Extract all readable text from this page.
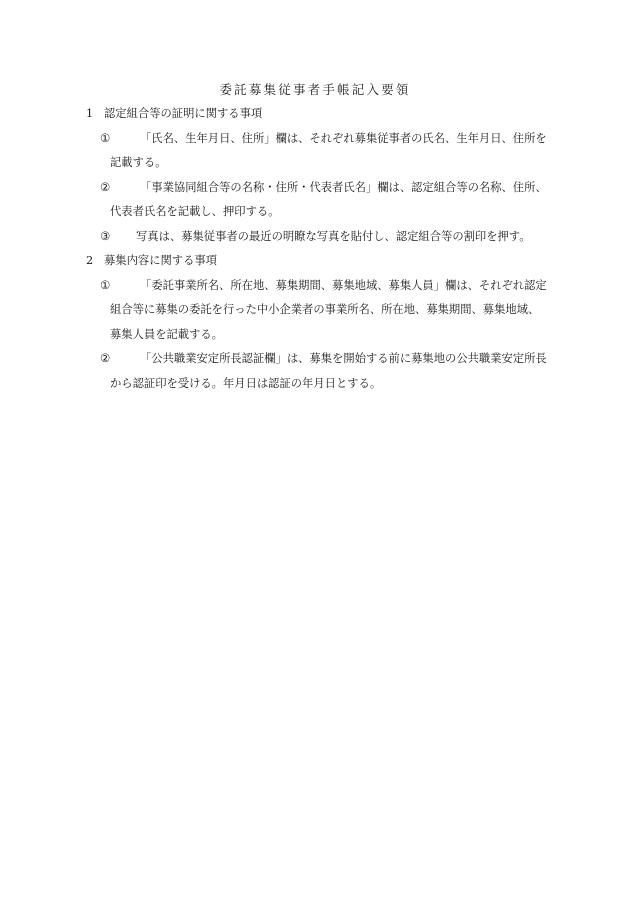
委託募集従事者手帳記入要領
1 認定組合等の証明に関する事項
①	「氏名、生年月日、住所」欄は、それぞれ募集従事者の氏名、生年月日、住所を
記載する。
②	「事業協同組合等の名称・住所・代表者氏名」欄は、認定組合等の名称、住所、
代表者氏名を記載し、押印する。
③	写真は、募集従事者の最近の明瞭な写真を貼付し、認定組合等の割印を押す。
2 募集内容に関する事項
①	「委託事業所名、所在地、募集期間、募集地域、募集人員」欄は、それぞれ認定
組合等に募集の委託を行った中小企業者の事業所名、所在地、募集期間、募集地域、
募集人員を記載する。
②	「公共職業安定所長認証欄」は、募集を開始する前に募集地の公共職業安定所長
から認証印を受ける。年月日は認証の年月日とする。
